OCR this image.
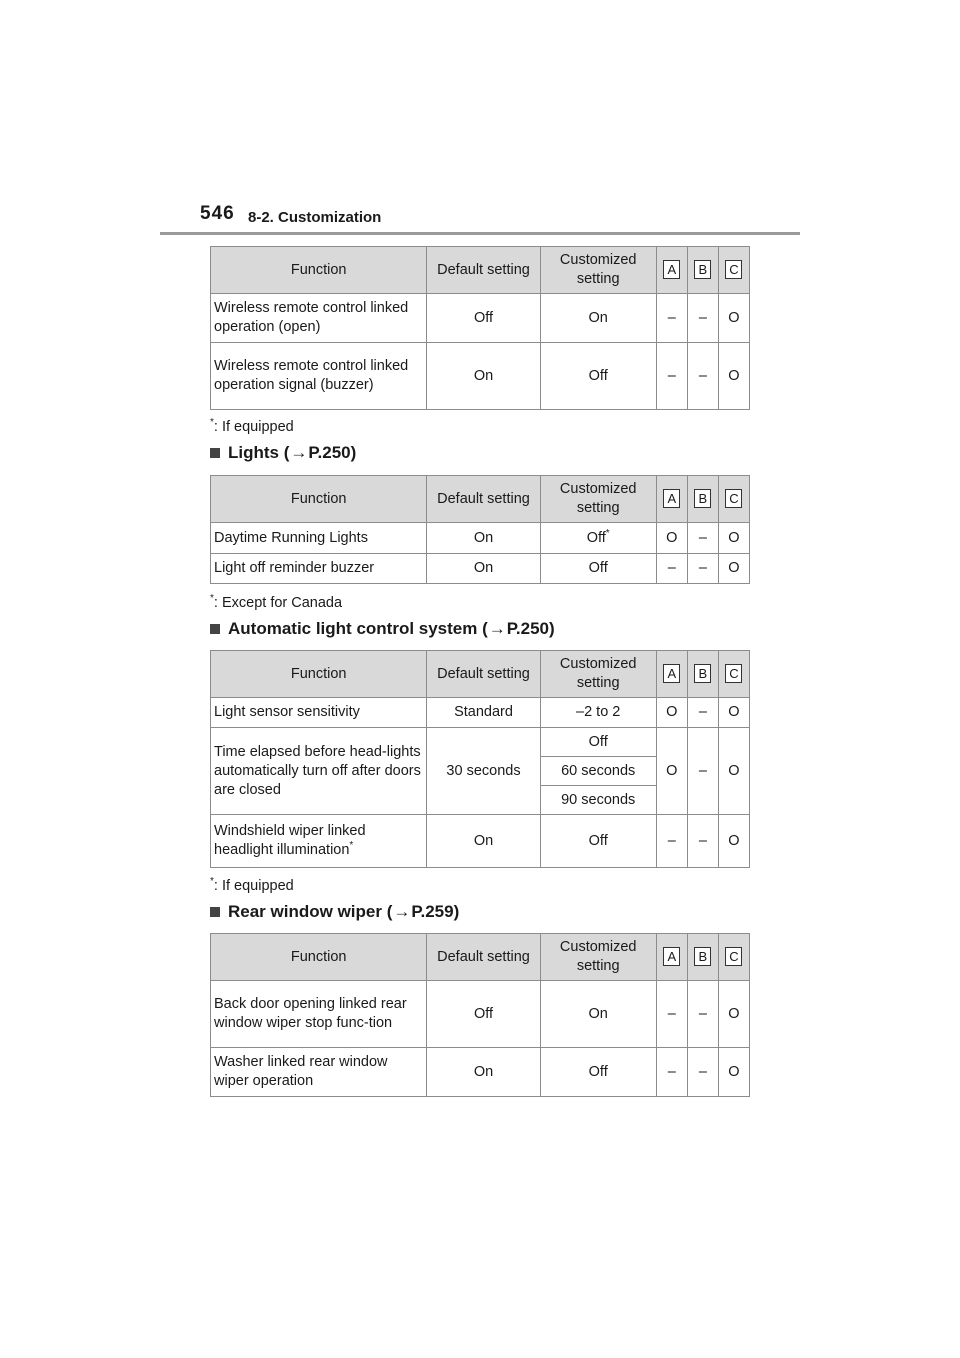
546 8-2. Customization
Function	Default setting	Customized setting	A	B	C
Wireless remote control linked operation (open)	Off	On	–	–	O
Wireless remote control linked operation signal (buzzer)	On	Off	–	–	O
*: If equipped
Lights ( → P.250)
Function	Default setting	Customized setting	A	B	C
Daytime Running Lights	On	Off*	O	–	O
Light off reminder buzzer	On	Off	–	–	O
*: Except for Canada
Automatic light control system ( → P.250)
Function	Default setting	Customized setting	A	B	C
Light sensor sensitivity	Standard	–2 to 2	O	–	O
Time elapsed before head-lights automatically turn off after doors are closed	30 seconds	Off	O	–	O
		60 seconds			
		90 seconds			
Windshield wiper linked headlight illumination*	On	Off	–	–	O
*: If equipped
Rear window wiper ( → P.259)
Function	Default setting	Customized setting	A	B	C
Back door opening linked rear window wiper stop func-tion	Off	On	–	–	O
Washer linked rear window wiper operation	On	Off	–	–	O
